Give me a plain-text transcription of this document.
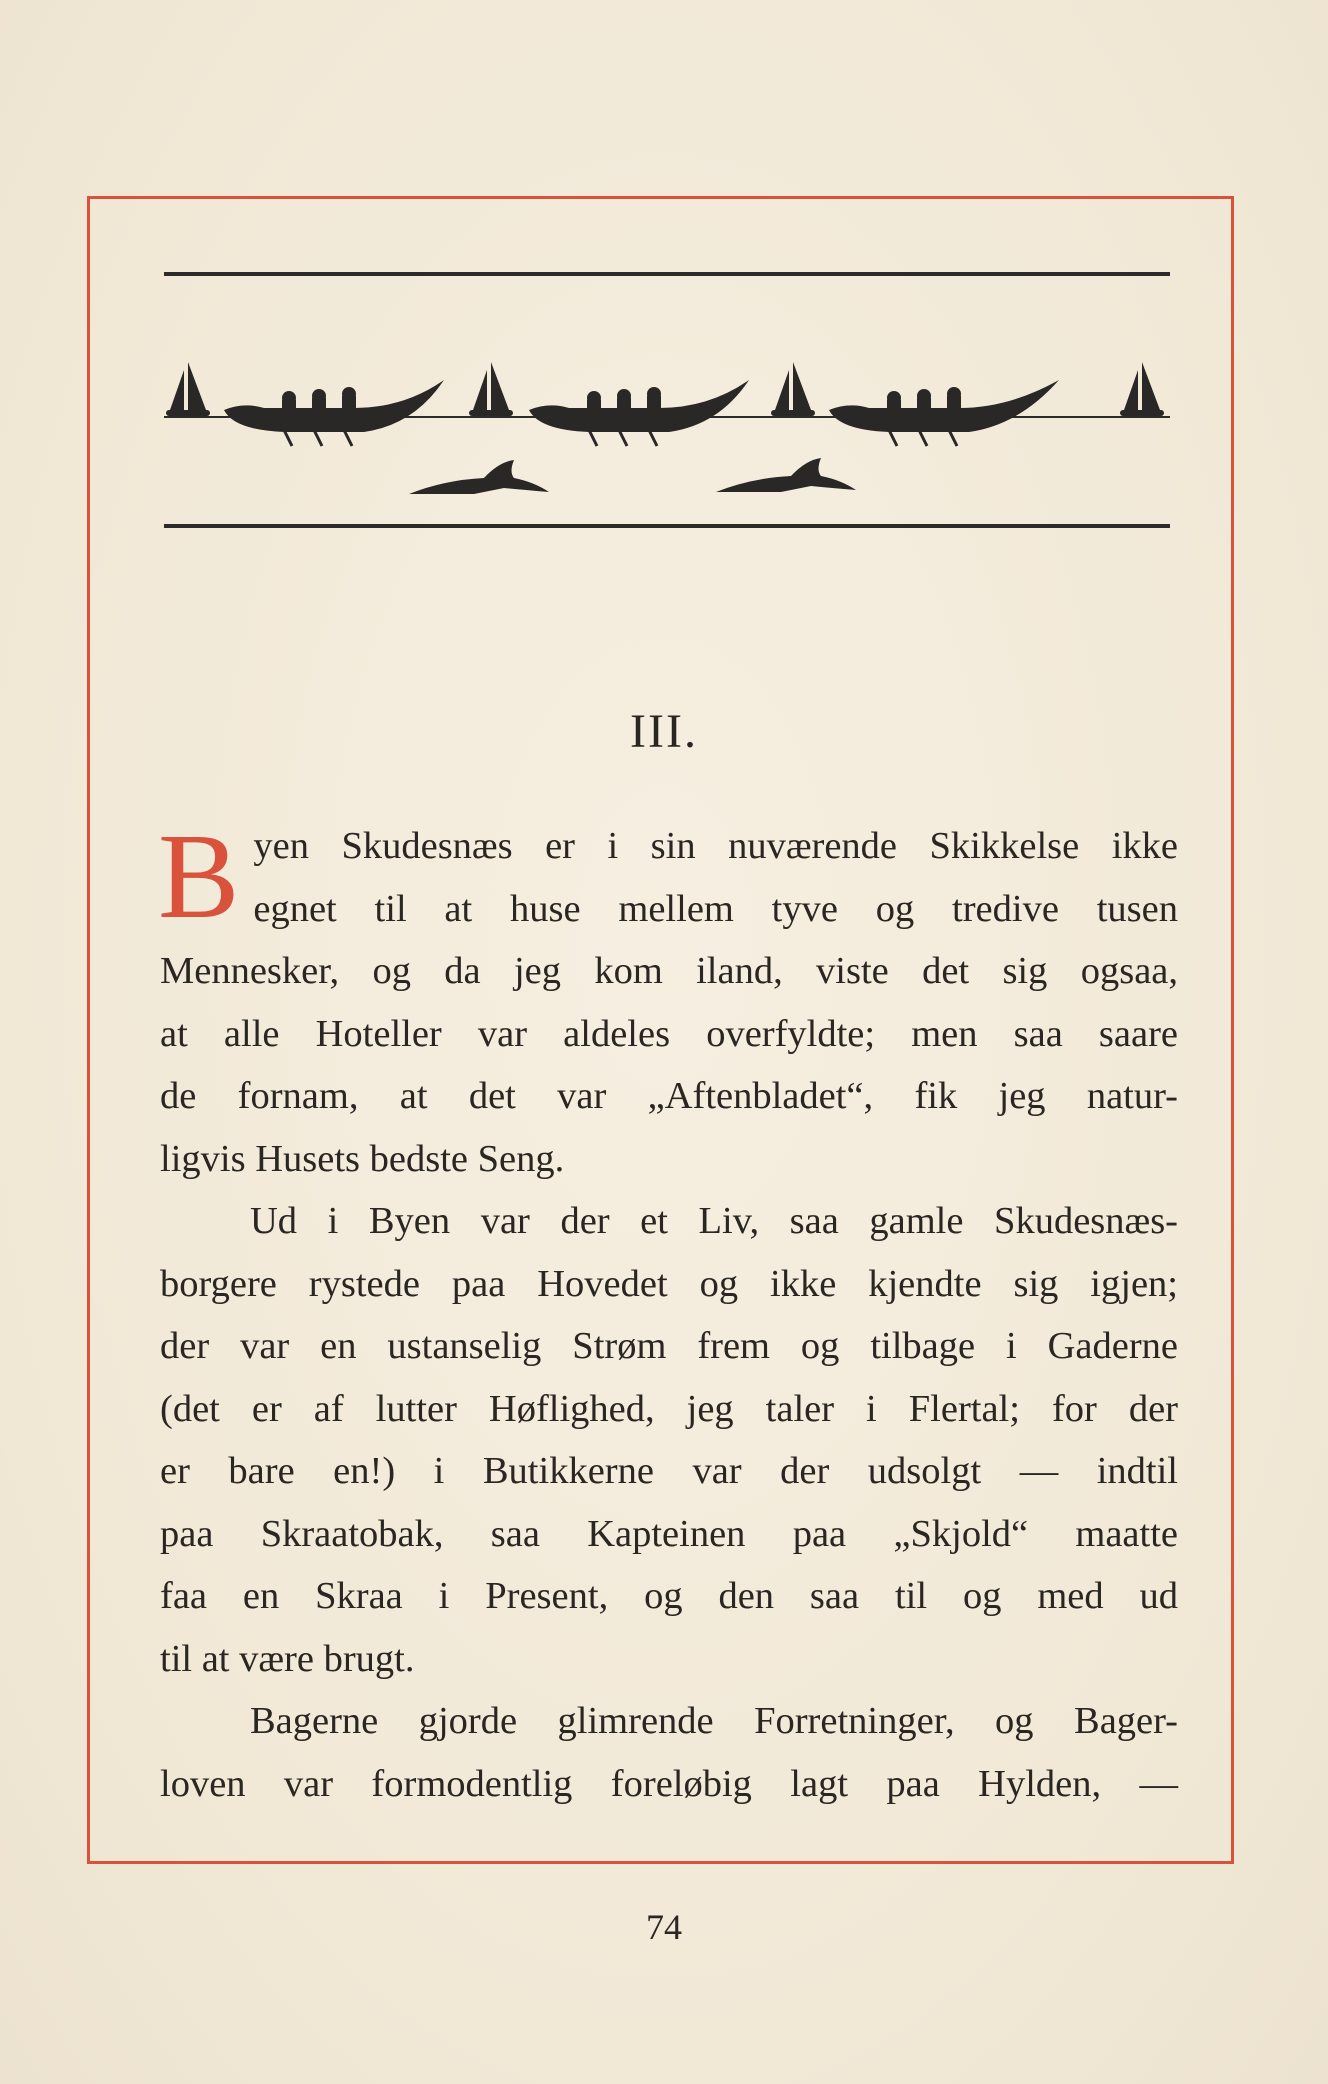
III.
B yen Skudesnæs er i sin nuværende Skikkelse ikke
egnet til at huse mellem tyve og tredive tusen
Mennesker, og da jeg kom iland, viste det sig ogsaa,
at alle Hoteller var aldeles overfyldte; men saa saare
de fornam, at det var „Aftenbladet“, fik jeg natur-
ligvis Husets bedste Seng.
Ud i Byen var der et Liv, saa gamle Skudesnæs-
borgere rystede paa Hovedet og ikke kjendte sig igjen;
der var en ustanselig Strøm frem og tilbage i Gaderne
(det er af lutter Høflighed, jeg taler i Flertal; for der
er bare en!) i Butikkerne var der udsolgt — indtil
paa Skraatobak, saa Kapteinen paa „Skjold“ maatte
faa en Skraa i Present, og den saa til og med ud
til at være brugt.
Bagerne gjorde glimrende Forretninger, og Bager-
loven var formodentlig foreløbig lagt paa Hylden, —
74
